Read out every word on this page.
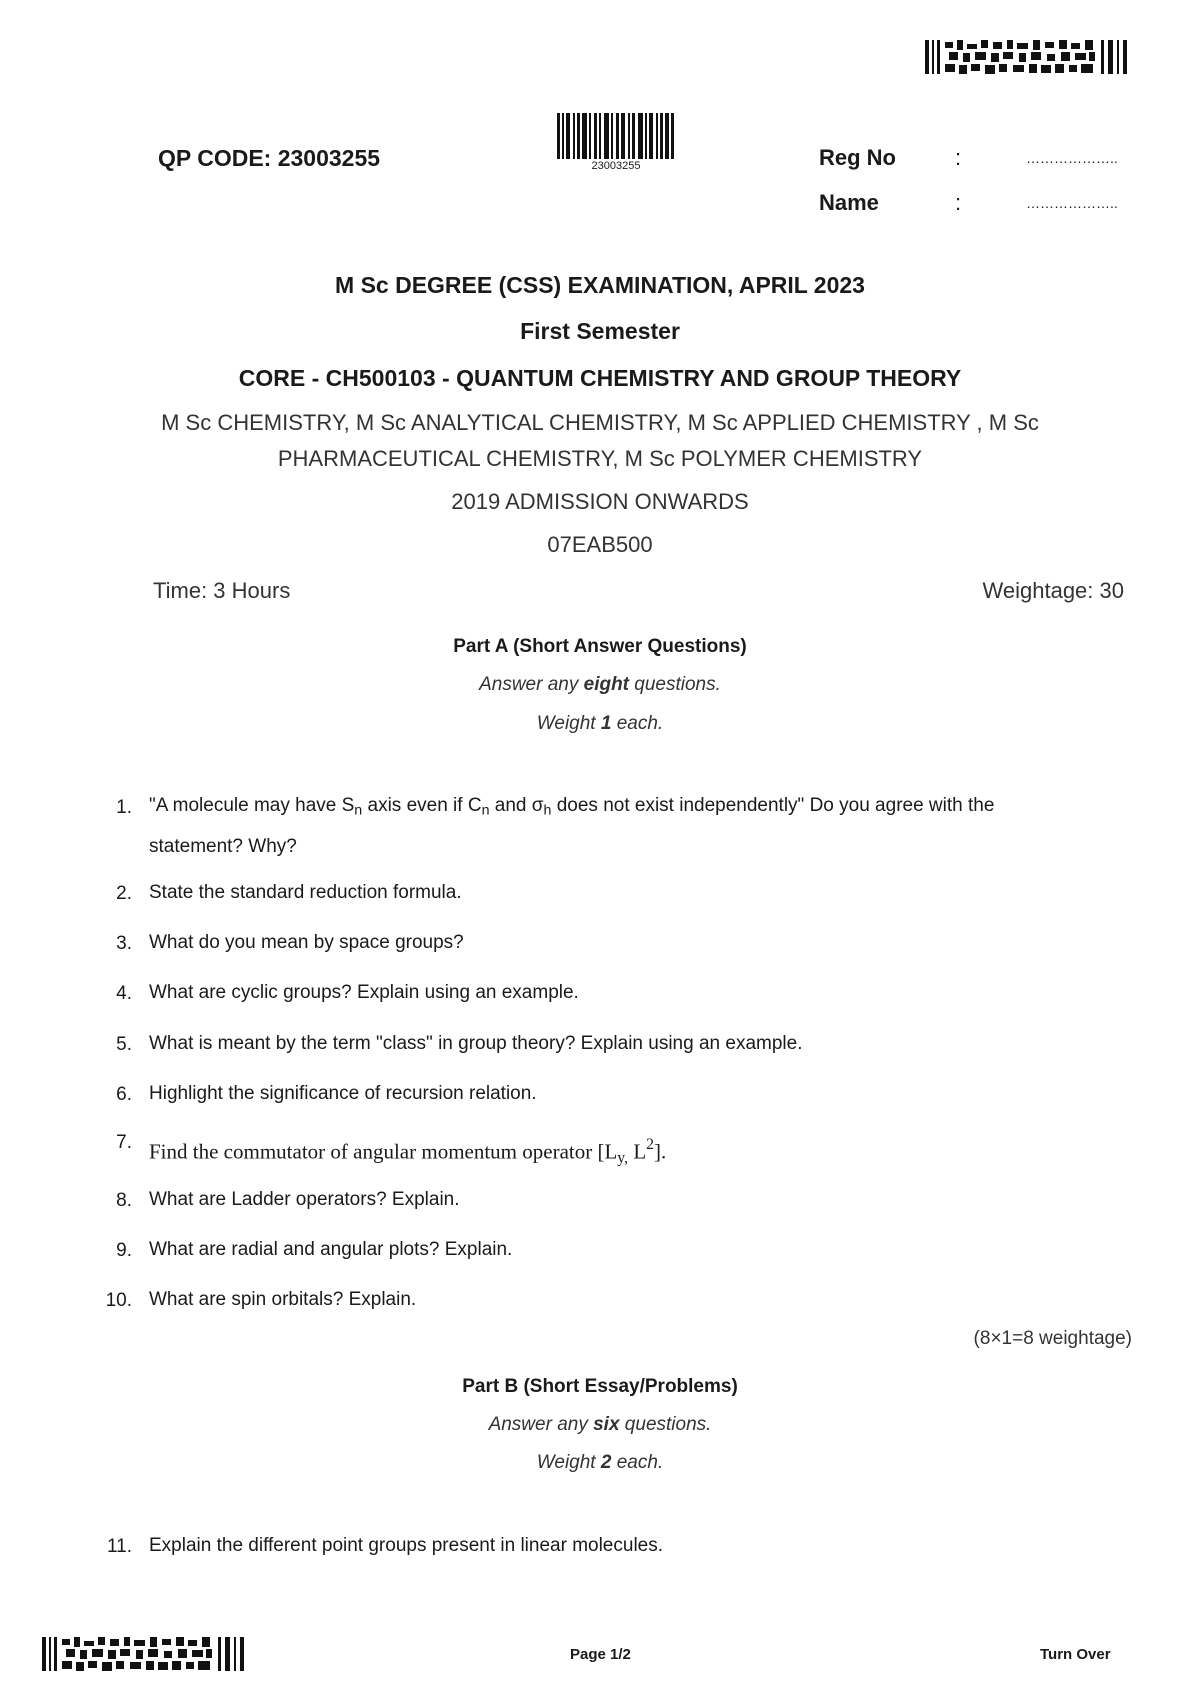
QP CODE: 23003255	23003255	Reg No	:	………………..
Name	:	………………..
M Sc DEGREE (CSS) EXAMINATION, APRIL 2023
First Semester
CORE - CH500103 - QUANTUM CHEMISTRY AND GROUP THEORY
M Sc CHEMISTRY, M Sc ANALYTICAL CHEMISTRY, M Sc APPLIED CHEMISTRY , M Sc
PHARMACEUTICAL CHEMISTRY, M Sc POLYMER CHEMISTRY
2019 ADMISSION ONWARDS
07EAB500
Time: 3 Hours	Weightage: 30
Part A (Short Answer Questions)
Answer any eight questions.
Weight 1 each.
1. "A molecule may have $S_n$ axis even if $C_n$ and $\sigma_h$ does not exist independently" Do you agree with the
statement? Why?
2. State the standard reduction formula.
3. What do you mean by space groups?
4. What are cyclic groups? Explain using an example.
5. What is meant by the term "class" in group theory? Explain using an example.
6. Highlight the significance of recursion relation.
7. Find the commutator of angular momentum operator [$L_{y,}$ $L^2$].
8. What are Ladder operators? Explain.
9. What are radial and angular plots? Explain.
10. What are spin orbitals? Explain.
(8×1=8 weightage)
Part B (Short Essay/Problems)
Answer any six questions.
Weight 2 each.
11. Explain the different point groups present in linear molecules.
Page 1/2	Turn Over
